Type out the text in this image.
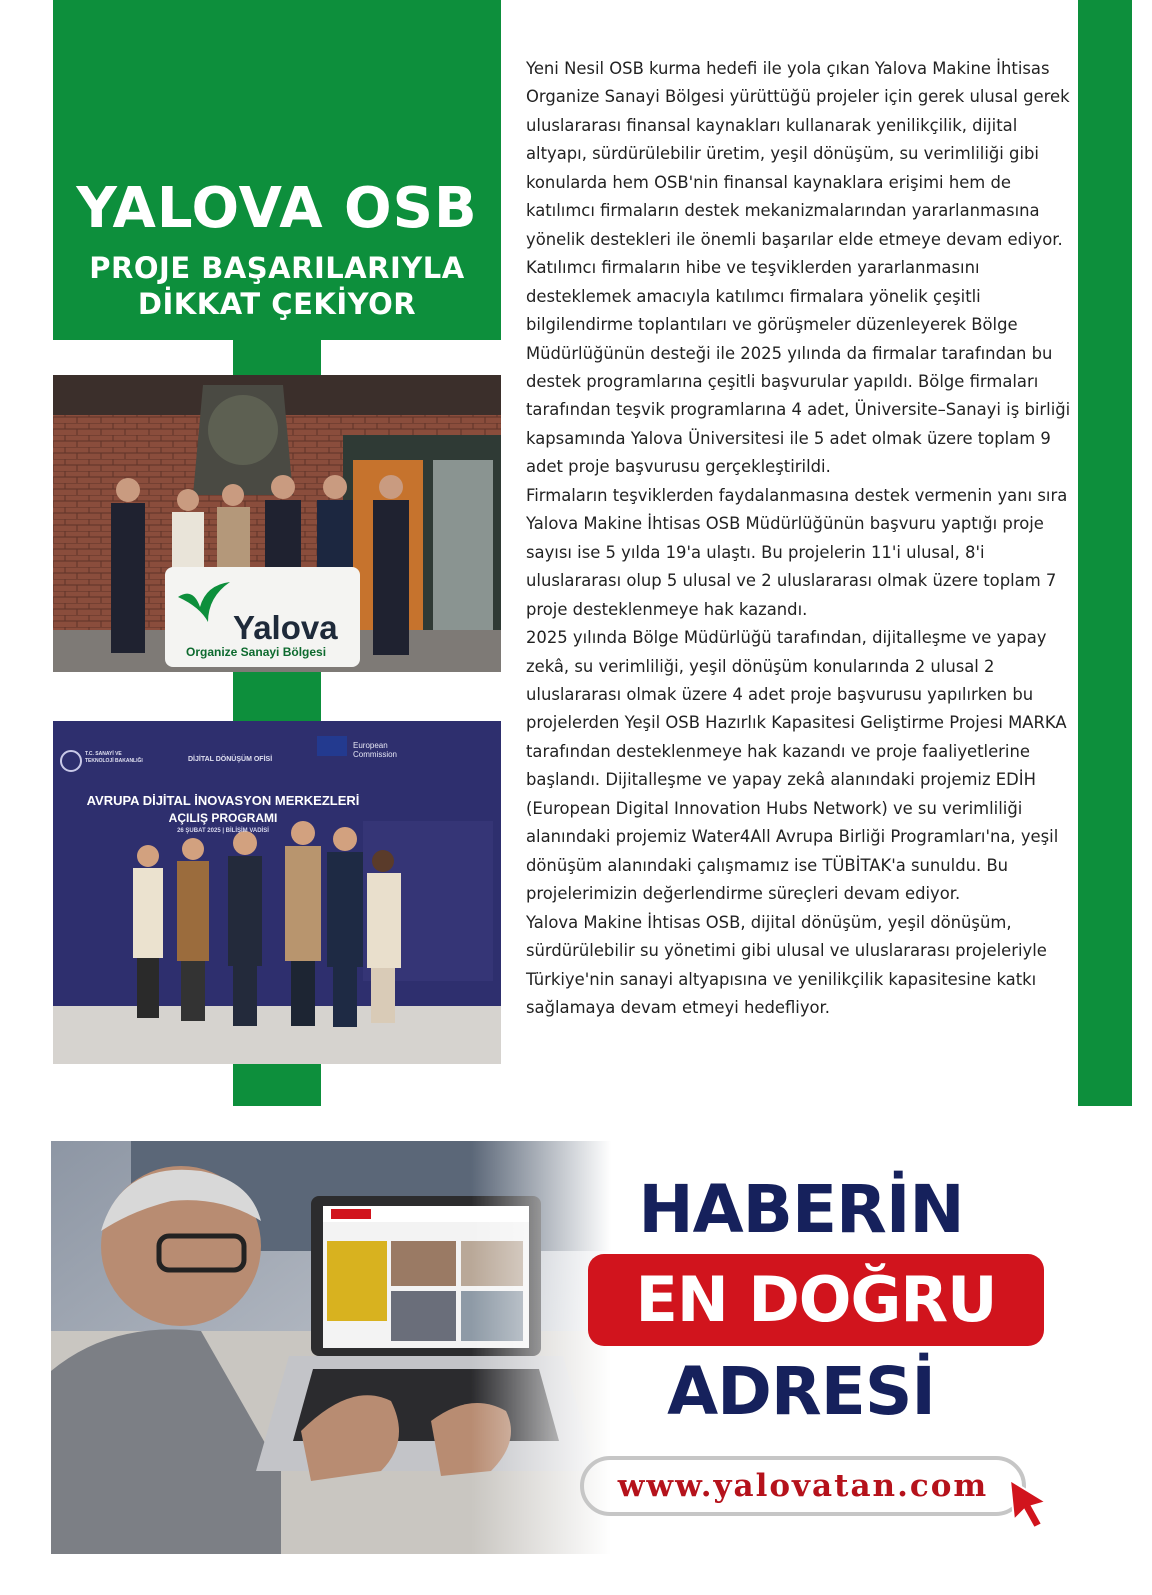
YALOVA OSB
PROJE BAŞARILARIYLA
DİKKAT ÇEKİYOR
Yalova
Organize Sanayi Bölgesi
T.C. SANAYİ VE TEKNOLOJİ BAKANLIĞI	DİJİTAL DÖNÜŞÜM OFİSİ
European Commission
AVRUPA DİJİTAL İNOVASYON MERKEZLERİ
AÇILIŞ PROGRAMI
26 ŞUBAT 2025 | BİLİŞİM VADİSİ

Yeni Nesil OSB kurma hedefi ile yola çıkan Yalova Makine İhtisas Organize Sanayi Bölgesi yürüttüğü projeler için gerek ulusal gerek uluslararası finansal kaynakları kullanarak yenilikçilik, dijital altyapı, sürdürülebilir üretim, yeşil dönüşüm, su verimliliği gibi konularda hem OSB'nin finansal kaynaklara erişimi hem de katılımcı firmaların destek mekanizmalarından yararlanmasına yönelik destekleri ile önemli başarılar elde etmeye devam ediyor.

Katılımcı firmaların hibe ve teşviklerden yararlanmasını desteklemek amacıyla katılımcı firmalara yönelik çeşitli bilgilendirme toplantıları ve görüşmeler düzenleyerek Bölge Müdürlüğünün desteği ile 2025 yılında da firmalar tarafından bu destek programlarına çeşitli başvurular yapıldı. Bölge firmaları tarafından teşvik programlarına 4 adet, Üniversite–Sanayi iş birliği kapsamında Yalova Üniversitesi ile 5 adet olmak üzere toplam 9 adet proje başvurusu gerçekleştirildi.

Firmaların teşviklerden faydalanmasına destek vermenin yanı sıra Yalova Makine İhtisas OSB Müdürlüğünün başvuru yaptığı proje sayısı ise 5 yılda 19'a ulaştı. Bu projelerin 11'i ulusal, 8'i uluslararası olup 5 ulusal ve 2 uluslararası olmak üzere toplam 7 proje desteklenmeye hak kazandı.

2025 yılında Bölge Müdürlüğü tarafından, dijitalleşme ve yapay zekâ, su verimliliği, yeşil dönüşüm konularında 2 ulusal 2 uluslararası olmak üzere 4 adet proje başvurusu yapılırken bu projelerden Yeşil OSB Hazırlık Kapasitesi Geliştirme Projesi MARKA tarafından desteklenmeye hak kazandı ve proje faaliyetlerine başlandı. Dijitalleşme ve yapay zekâ alanındaki projemiz EDİH (European Digital Innovation Hubs Network) ve su verimliliği alanındaki projemiz Water4All Avrupa Birliği Programları'na, yeşil dönüşüm alanındaki çalışmamız ise TÜBİTAK'a sunuldu. Bu projelerimizin değerlendirme süreçleri devam ediyor.

Yalova Makine İhtisas OSB, dijital dönüşüm, yeşil dönüşüm, sürdürülebilir su yönetimi gibi ulusal ve uluslararası projeleriyle Türkiye'nin sanayi altyapısına ve yenilikçilik kapasitesine katkı sağlamaya devam etmeyi hedefliyor.

HABERİN
EN DOĞRU
ADRESİ
www.yalovatan.com
